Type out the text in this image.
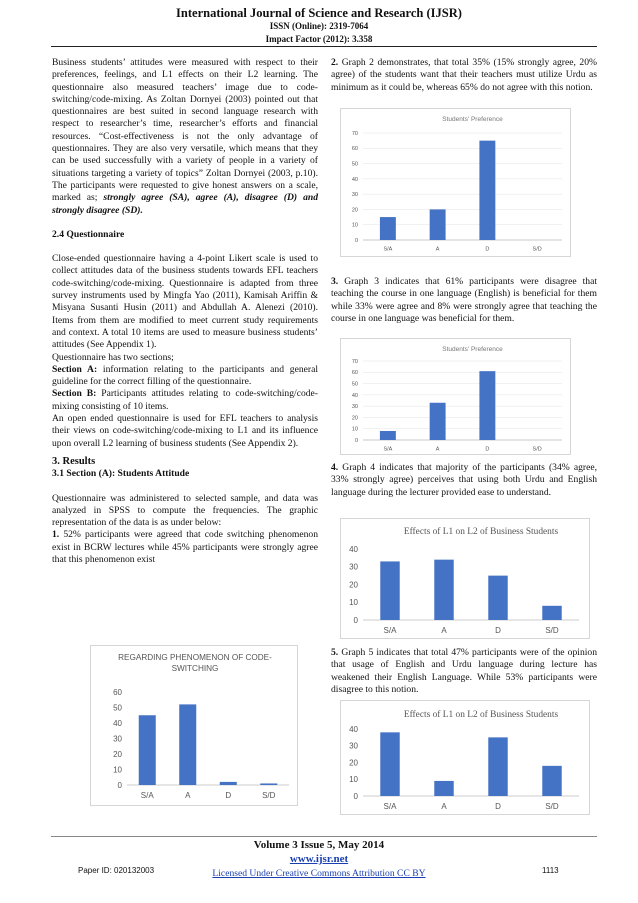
International Journal of Science and Research (IJSR)
ISSN (Online): 2319-7064
Impact Factor (2012): 3.358

Business students’ attitudes were measured with respect to their preferences, feelings, and L1 effects on their L2 learning. The questionnaire also measured teachers’ image due to code-switching/code-mixing. As Zoltan Dornyei (2003) pointed out that questionnaires are best suited in second language research with respect to researcher’s time, researcher’s efforts and financial resources. “Cost-effectiveness is not the only advantage of questionnaires. They are also very versatile, which means that they can be used successfully with a variety of people in a variety of situations targeting a variety of topics” Zoltan Dornyei (2003, p.10). The participants were requested to give honest answers on a scale, marked as; strongly agree (SA), agree (A), disagree (D) and strongly disagree (SD).

2.4 Questionnaire

Close-ended questionnaire having a 4-point Likert scale is used to collect attitudes data of the business students towards EFL teachers code-switching/code-mixing. Questionnaire is adapted from three survey instruments used by Mingfa Yao (2011), Kamisah Ariffin & Misyana Susanti Husin (2011) and Abdullah A. Alenezi (2010). Items from them are modified to meet current study requirements and context. A total 10 items are used to measure business students’ attitudes (See Appendix 1).

Questionnaire has two sections;

Section A: information relating to the participants and general guideline for the correct filling of the questionnaire.

Section B: Participants attitudes relating to code-switching/code-mixing consisting of 10 items.

An open ended questionnaire is used for EFL teachers to analysis their views on code-switching/code-mixing to L1 and its influence upon overall L2 learning of business students (See Appendix 2).

3. Results

3.1 Section (A): Students Attitude

Questionnaire was administered to selected sample, and data was analyzed in SPSS to compute the frequencies. The graphic representation of the data is as under below:

1. 52% participants were agreed that code switching phenomenon exist in BCRW lectures while 45% participants were strongly agree that this phenomenon exist

2. Graph 2 demonstrates, that total 35% (15% strongly agree, 20% agree) of the students want that their teachers must utilize Urdu as minimum as it could be, whereas 65% do not agree with this notion.

3. Graph 3 indicates that 61% participants were disagree that teaching the course in one language (English) is beneficial for them while 33% were agree and 8% were strongly agree that teaching the course in one language was beneficial for them.

4. Graph 4 indicates that majority of the participants (34% agree, 33% strongly agree) perceives that using both Urdu and English language during the lecturer provided ease to understand.

5. Graph 5 indicates that total 47% participants were of the opinion that usage of English and Urdu language during lecture has weakened their English Language. While 53% participants were disagree to this notion.

REGARDING PHENOMENON OF CODE-
SWITCHING
0
10
20
30
40
50
60
S/A	A	D	S/D
Students' Preference
0
10
20
30
40
50
60
70
S/A	A	D	S/D
Students' Preference
0
10
20
30
40
50
60
70
S/A	A	D	S/D
Effects of L1 on L2 of Business Students
0
10
20
30
40
S/A	A	D	S/D
Effects of L1 on L2 of Business Students
0
10
20
30
40
S/A	A	D	S/D
Volume 3 Issue 5, May 2014
www.ijsr.net
Licensed Under Creative Commons Attribution CC BY
Paper ID: 020132003	1113
